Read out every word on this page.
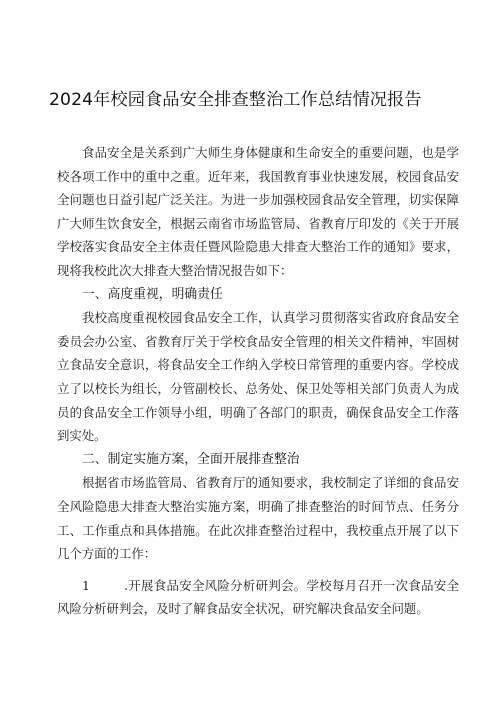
2024年校园食品安全排查整治工作总结情况报告

食品安全是关系到广大师生身体健康和生命安全的重要问题，也是学校各项工作中的重中之重。近年来，我国教育事业快速发展，校园食品安全问题也日益引起广泛关注。为进一步加强校园食品安全管理，切实保障广大师生饮食安全，根据云南省市场监管局、省教育厅印发的《关于开展学校落实食品安全主体责任暨风险隐患大排查大整治工作的通知》要求，现将我校此次大排查大整治情况报告如下：

一、高度重视，明确责任

我校高度重视校园食品安全工作，认真学习贯彻落实省政府食品安全委员会办公室、省教育厅关于学校食品安全管理的相关文件精神，牢固树立食品安全意识，将食品安全工作纳入学校日常管理的重要内容。学校成立了以校长为组长，分管副校长、总务处、保卫处等相关部门负责人为成员的食品安全工作领导小组，明确了各部门的职责，确保食品安全工作落到实处。

二、制定实施方案，全面开展排查整治

根据省市场监管局、省教育厅的通知要求，我校制定了详细的食品安全风险隐患大排查大整治实施方案，明确了排查整治的时间节点、任务分工、工作重点和具体措施。在此次排查整治过程中，我校重点开展了以下几个方面的工作：

1	.开展食品安全风险分析研判会。学校每月召开一次食品安全风险分析研判会，及时了解食品安全状况，研究解决食品安全问题。
